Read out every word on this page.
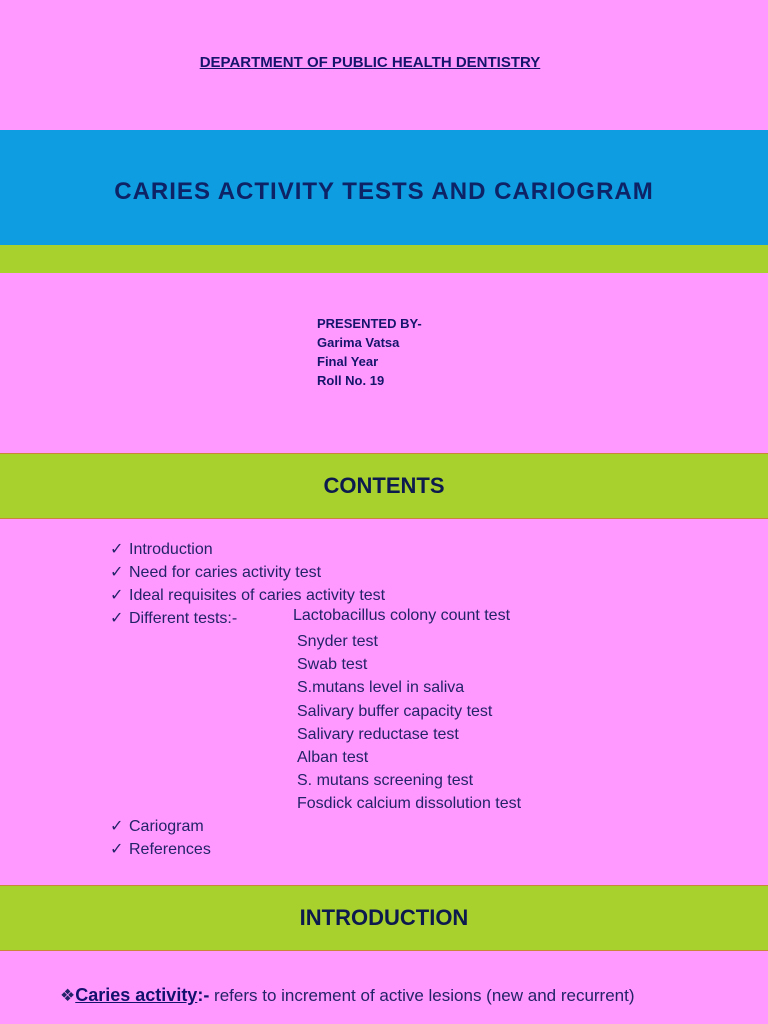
DEPARTMENT OF PUBLIC HEALTH DENTISTRY
CARIES ACTIVITY TESTS AND CARIOGRAM
PRESENTED BY-
Garima Vatsa
Final Year
Roll No. 19
CONTENTS
✓ Introduction
✓ Need for caries activity test
✓ Ideal requisites of caries activity test
✓ Different tests:-
✓ Cariogram
✓ References
Lactobacillus colony count test
Snyder test
Swab test
S.mutans level in saliva
Salivary buffer capacity test
Salivary reductase test
Alban test
S. mutans screening test
Fosdick calcium dissolution test
INTRODUCTION
❖Caries activity:- refers to increment of active lesions (new and recurrent)
